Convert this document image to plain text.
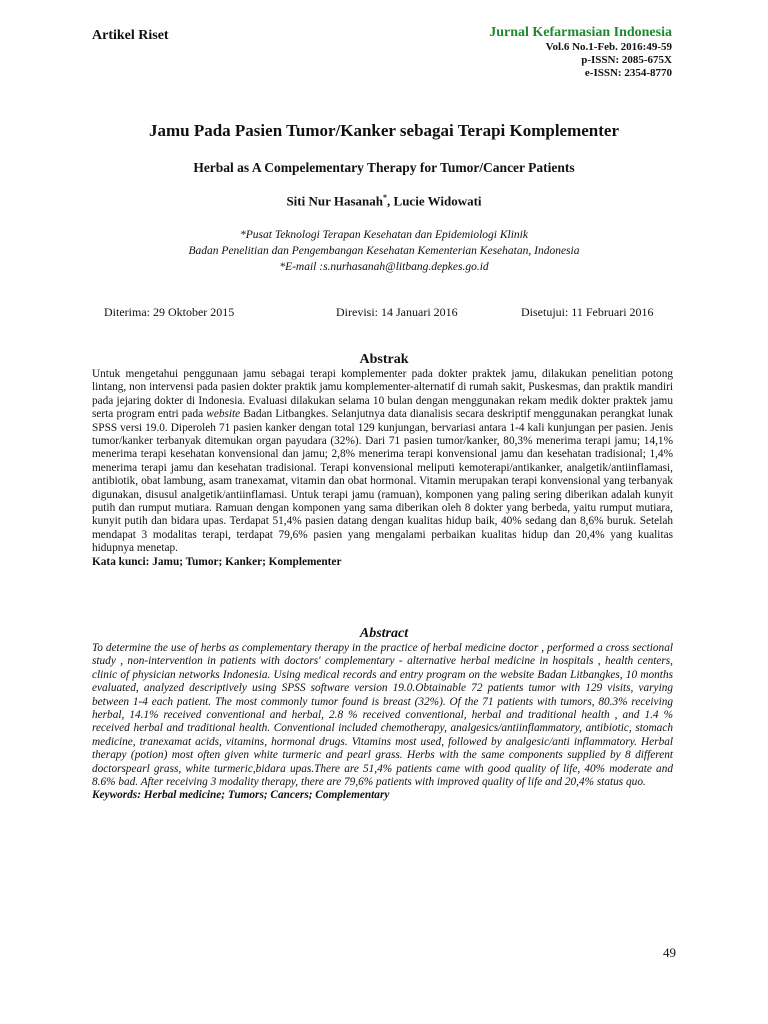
Artikel Riset	Jurnal Kefarmasian Indonesia
Vol.6 No.1-Feb. 2016:49-59
p-ISSN: 2085-675X
e-ISSN: 2354-8770
Jamu Pada Pasien Tumor/Kanker sebagai Terapi Komplementer
Herbal as A Compelementary Therapy for Tumor/Cancer Patients
Siti Nur Hasanah*, Lucie Widowati
*Pusat Teknologi Terapan Kesehatan dan Epidemiologi Klinik
Badan Penelitian dan Pengembangan Kesehatan Kementerian Kesehatan, Indonesia
*E-mail :s.nurhasanah@litbang.depkes.go.id
Diterima: 29 Oktober 2015	Direvisi: 14 Januari 2016	Disetujui: 11 Februari 2016
Abstrak
Untuk mengetahui penggunaan jamu sebagai terapi komplementer pada dokter praktek jamu, dilakukan penelitian potong lintang, non intervensi pada pasien dokter praktik jamu komplementer-alternatif di rumah sakit, Puskesmas, dan praktik mandiri pada jejaring dokter di Indonesia. Evaluasi dilakukan selama 10 bulan dengan menggunakan rekam medik dokter praktek jamu serta program entri pada website Badan Litbangkes. Selanjutnya data dianalisis secara deskriptif menggunakan perangkat lunak SPSS versi 19.0. Diperoleh 71 pasien kanker dengan total 129 kunjungan, bervariasi antara 1-4 kali kunjungan per pasien. Jenis tumor/kanker terbanyak ditemukan organ payudara (32%). Dari 71 pasien tumor/kanker, 80,3% menerima terapi jamu; 14,1% menerima terapi kesehatan konvensional dan jamu; 2,8% menerima terapi konvensional jamu dan kesehatan tradisional; 1,4% menerima terapi jamu dan kesehatan tradisional. Terapi konvensional meliputi kemoterapi/antikanker, analgetik/antiinflamasi, antibiotik, obat lambung, asam tranexamat, vitamin dan obat hormonal. Vitamin merupakan terapi konvensional yang terbanyak digunakan, disusul analgetik/antiinflamasi. Untuk terapi jamu (ramuan), komponen yang paling sering diberikan adalah kunyit putih dan rumput mutiara. Ramuan dengan komponen yang sama diberikan oleh 8 dokter yang berbeda, yaitu rumput mutiara, kunyit putih dan bidara upas. Terdapat 51,4% pasien datang dengan kualitas hidup baik, 40% sedang dan 8,6% buruk. Setelah mendapat 3 modalitas terapi, terdapat 79,6% pasien yang mengalami perbaikan kualitas hidup dan 20,4% yang kualitas hidupnya menetap.
Kata kunci: Jamu; Tumor; Kanker; Komplementer
Abstract
To determine the use of herbs as complementary therapy in the practice of herbal medicine doctor , performed a cross sectional study , non-intervention in patients with doctors' complementary - alternative herbal medicine in hospitals , health centers, clinic of physician networks Indonesia. Using medical records and entry program on the website Badan Litbangkes, 10 months evaluated, analyzed descriptively using SPSS software version 19.0.Obtainable 72 patients tumor with 129 visits, varying between 1-4 each patient. The most commonly tumor found is breast (32%). Of the 71 patients with tumors, 80.3% receiving herbal, 14.1% received conventional and herbal, 2.8 % received conventional, herbal and traditional health , and 1.4 % received herbal and traditional health. Conventional included chemotherapy, analgesics/antiinflammatory, antibiotic, stomach medicine, tranexamat acids, vitamins, hormonal drugs. Vitamins most used, followed by analgesic/anti inflammatory. Herbal therapy (potion) most often given white turmeric and pearl grass. Herbs with the same components supplied by 8 different doctorspearl grass, white turmeric,bidara upas.There are 51,4% patients came with good quality of life, 40% moderate and 8.6% bad. After receiving 3 modality therapy, there are 79,6% patients with improved quality of life and 20,4% status quo.
Keywords: Herbal medicine; Tumors; Cancers; Complementary
49
